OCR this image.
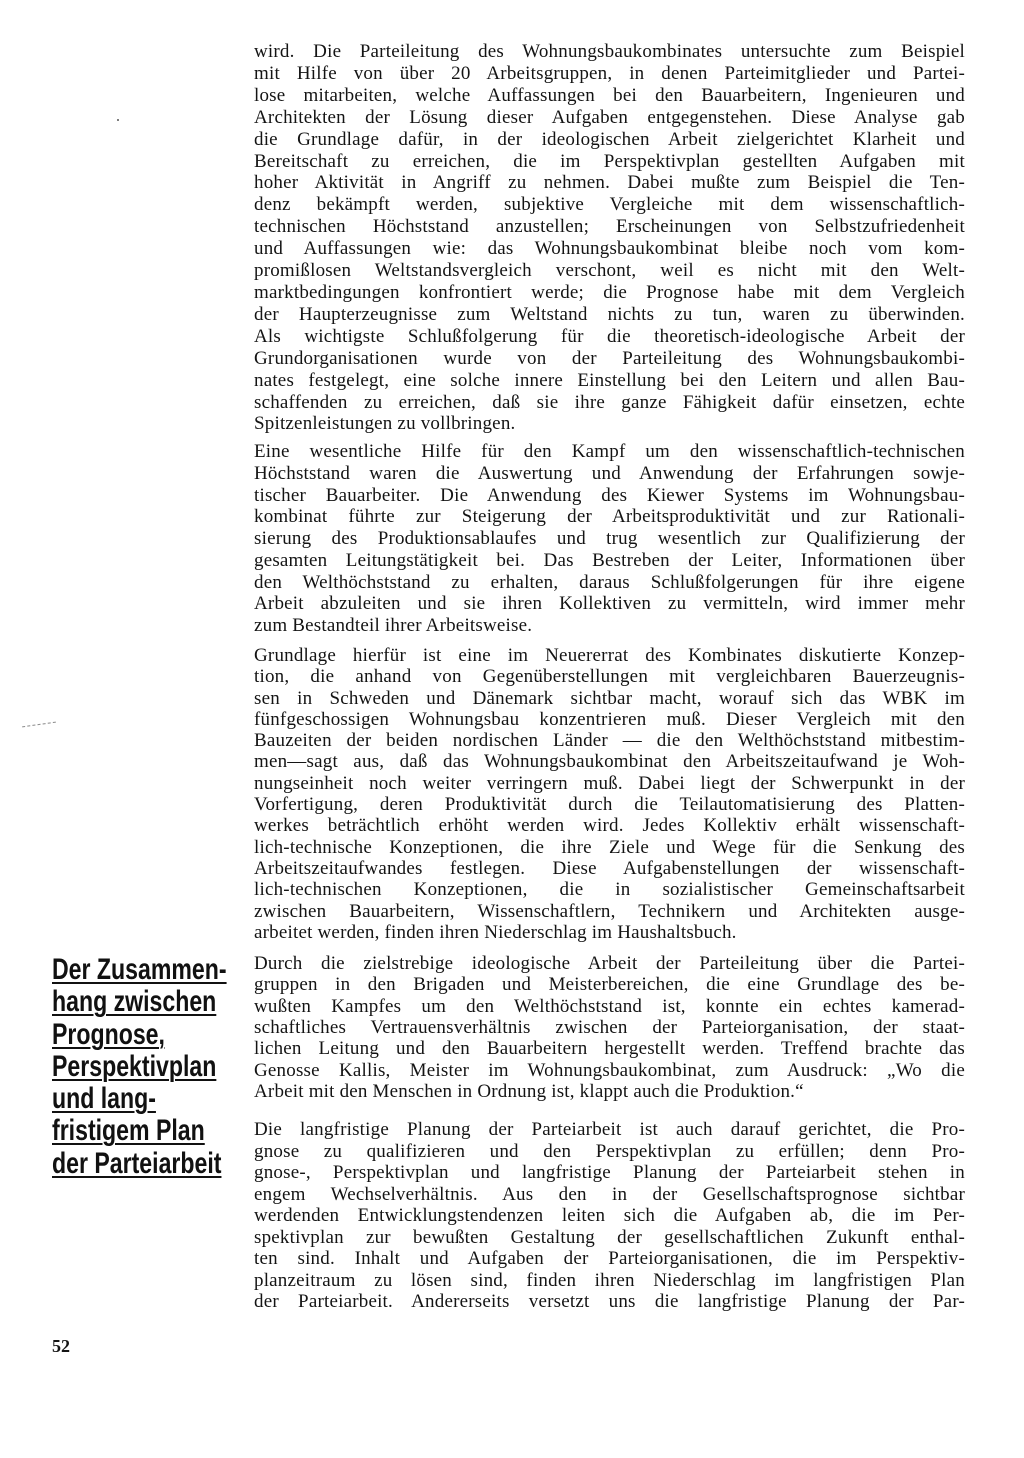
wird. Die Parteileitung des Wohnungsbaukombinates untersuchte zum Beispiel
mit Hilfe von über 20 Arbeitsgruppen, in denen Parteimitglieder und Partei-
lose mitarbeiten, welche Auffassungen bei den Bauarbeitern, Ingenieuren und
Architekten der Lösung dieser Aufgaben entgegenstehen. Diese Analyse gab
die Grundlage dafür, in der ideologischen Arbeit zielgerichtet Klarheit und
Bereitschaft zu erreichen, die im Perspektivplan gestellten Aufgaben mit
hoher Aktivität in Angriff zu nehmen. Dabei mußte zum Beispiel die Ten-
denz bekämpft werden, subjektive Vergleiche mit dem wissenschaftlich-
technischen Höchststand anzustellen; Erscheinungen von Selbstzufriedenheit
und Auffassungen wie: das Wohnungsbaukombinat bleibe noch vom kom-
promißlosen Weltstandsvergleich verschont, weil es nicht mit den Welt-
marktbedingungen konfrontiert werde; die Prognose habe mit dem Vergleich
der Haupterzeugnisse zum Weltstand nichts zu tun, waren zu überwinden.
Als wichtigste Schlußfolgerung für die theoretisch-ideologische Arbeit der
Grundorganisationen wurde von der Parteileitung des Wohnungsbaukombi-
nates festgelegt, eine solche innere Einstellung bei den Leitern und allen Bau-
schaffenden zu erreichen, daß sie ihre ganze Fähigkeit dafür einsetzen, echte
Spitzenleistungen zu vollbringen.
Eine wesentliche Hilfe für den Kampf um den wissenschaftlich-technischen
Höchststand waren die Auswertung und Anwendung der Erfahrungen sowje-
tischer Bauarbeiter. Die Anwendung des Kiewer Systems im Wohnungsbau-
kombinat führte zur Steigerung der Arbeitsproduktivität und zur Rationali-
sierung des Produktionsablaufes und trug wesentlich zur Qualifizierung der
gesamten Leitungstätigkeit bei. Das Bestreben der Leiter, Informationen über
den Welthöchststand zu erhalten, daraus Schlußfolgerungen für ihre eigene
Arbeit abzuleiten und sie ihren Kollektiven zu vermitteln, wird immer mehr
zum Bestandteil ihrer Arbeitsweise.
Grundlage hierfür ist eine im Neuererrat des Kombinates diskutierte Konzep-
tion, die anhand von Gegenüberstellungen mit vergleichbaren Bauerzeugnis-
sen in Schweden und Dänemark sichtbar macht, worauf sich das WBK im
fünfgeschossigen Wohnungsbau konzentrieren muß. Dieser Vergleich mit den
Bauzeiten der beiden nordischen Länder — die den Welthöchststand mitbestim-
men—sagt aus, daß das Wohnungsbaukombinat den Arbeitszeitaufwand je Woh-
nungseinheit noch weiter verringern muß. Dabei liegt der Schwerpunkt in der
Vorfertigung, deren Produktivität durch die Teilautomatisierung des Platten-
werkes beträchtlich erhöht werden wird. Jedes Kollektiv erhält wissenschaft-
lich-technische Konzeptionen, die ihre Ziele und Wege für die Senkung des
Arbeitszeitaufwandes festlegen. Diese Aufgabenstellungen der wissenschaft-
lich-technischen Konzeptionen, die in sozialistischer Gemeinschaftsarbeit
zwischen Bauarbeitern, Wissenschaftlern, Technikern und Architekten ausge-
arbeitet werden, finden ihren Niederschlag im Haushaltsbuch.
Durch die zielstrebige ideologische Arbeit der Parteileitung über die Partei-
gruppen in den Brigaden und Meisterbereichen, die eine Grundlage des be-
wußten Kampfes um den Welthöchststand ist, konnte ein echtes kamerad-
schaftliches Vertrauensverhältnis zwischen der Parteiorganisation, der staat-
lichen Leitung und den Bauarbeitern hergestellt werden. Treffend brachte das
Genosse Kallis, Meister im Wohnungsbaukombinat, zum Ausdruck: „Wo die
Arbeit mit den Menschen in Ordnung ist, klappt auch die Produktion.“
Die langfristige Planung der Parteiarbeit ist auch darauf gerichtet, die Pro-
gnose zu qualifizieren und den Perspektivplan zu erfüllen; denn Pro-
gnose-, Perspektivplan und langfristige Planung der Parteiarbeit stehen in
engem Wechselverhältnis. Aus den in der Gesellschaftsprognose sichtbar
werdenden Entwicklungstendenzen leiten sich die Aufgaben ab, die im Per-
spektivplan zur bewußten Gestaltung der gesellschaftlichen Zukunft enthal-
ten sind. Inhalt und Aufgaben der Parteiorganisationen, die im Perspektiv-
planzeitraum zu lösen sind, finden ihren Niederschlag im langfristigen Plan
der Parteiarbeit. Andererseits versetzt uns die langfristige Planung der Par-
Der Zusammen-
hang zwischen
Prognose,
Perspektivplan
und lang-
fristigem Plan
der Parteiarbeit
52
